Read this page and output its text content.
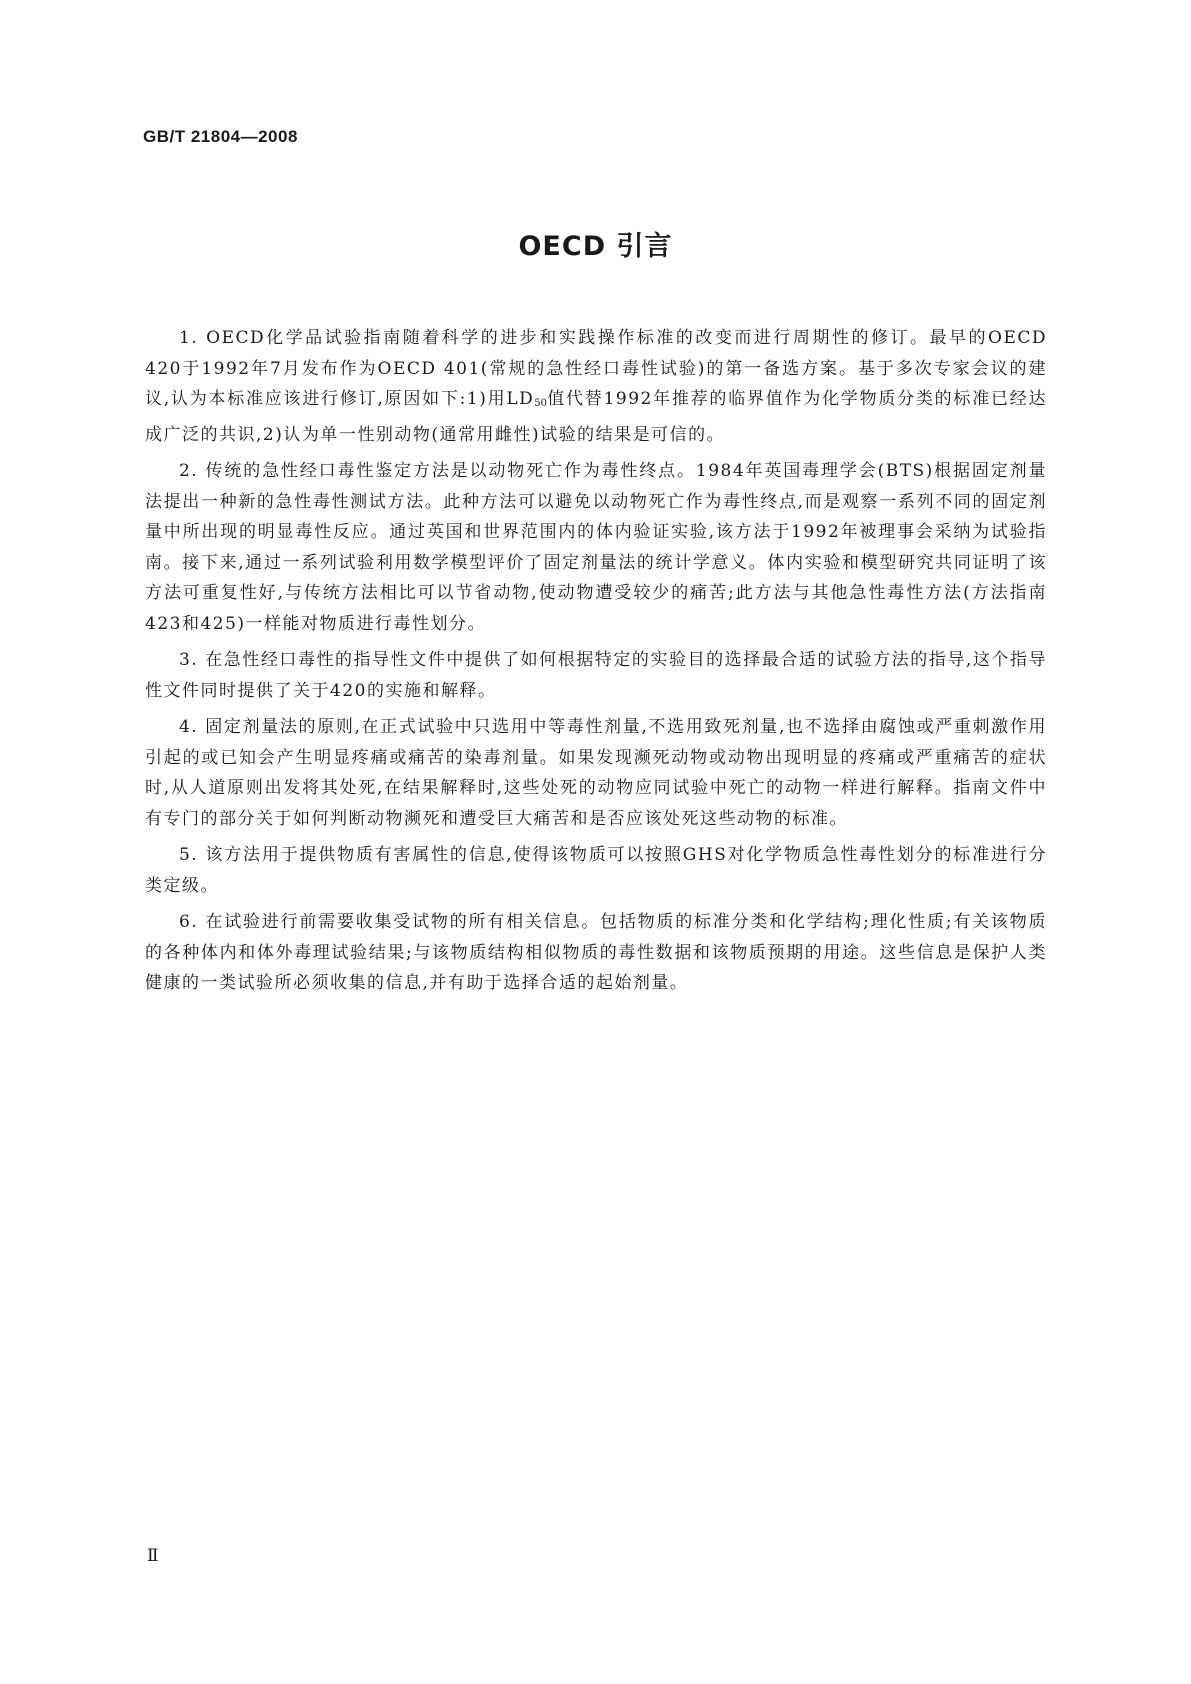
GB/T 21804—2008
OECD 引言

1. OECD化学品试验指南随着科学的进步和实践操作标准的改变而进行周期性的修订。最早的OECD 420于1992年7月发布作为OECD 401(常规的急性经口毒性试验)的第一备选方案。基于多次专家会议的建议,认为本标准应该进行修订,原因如下:1)用$LD_{50}$值代替1992年推荐的临界值作为化学物质分类的标准已经达成广泛的共识,2)认为单一性别动物(通常用雌性)试验的结果是可信的。

2. 传统的急性经口毒性鉴定方法是以动物死亡作为毒性终点。1984年英国毒理学会(BTS)根据固定剂量法提出一种新的急性毒性测试方法。此种方法可以避免以动物死亡作为毒性终点,而是观察一系列不同的固定剂量中所出现的明显毒性反应。通过英国和世界范围内的体内验证实验,该方法于1992年被理事会采纳为试验指南。接下来,通过一系列试验利用数学模型评价了固定剂量法的统计学意义。体内实验和模型研究共同证明了该方法可重复性好,与传统方法相比可以节省动物,使动物遭受较少的痛苦;此方法与其他急性毒性方法(方法指南423和425)一样能对物质进行毒性划分。

3. 在急性经口毒性的指导性文件中提供了如何根据特定的实验目的选择最合适的试验方法的指导,这个指导性文件同时提供了关于420的实施和解释。

4. 固定剂量法的原则,在正式试验中只选用中等毒性剂量,不选用致死剂量,也不选择由腐蚀或严重刺激作用引起的或已知会产生明显疼痛或痛苦的染毒剂量。如果发现濒死动物或动物出现明显的疼痛或严重痛苦的症状时,从人道原则出发将其处死,在结果解释时,这些处死的动物应同试验中死亡的动物一样进行解释。指南文件中有专门的部分关于如何判断动物濒死和遭受巨大痛苦和是否应该处死这些动物的标准。

5. 该方法用于提供物质有害属性的信息,使得该物质可以按照GHS对化学物质急性毒性划分的标准进行分类定级。

6. 在试验进行前需要收集受试物的所有相关信息。包括物质的标准分类和化学结构;理化性质;有关该物质的各种体内和体外毒理试验结果;与该物质结构相似物质的毒性数据和该物质预期的用途。这些信息是保护人类健康的一类试验所必须收集的信息,并有助于选择合适的起始剂量。

Ⅱ
